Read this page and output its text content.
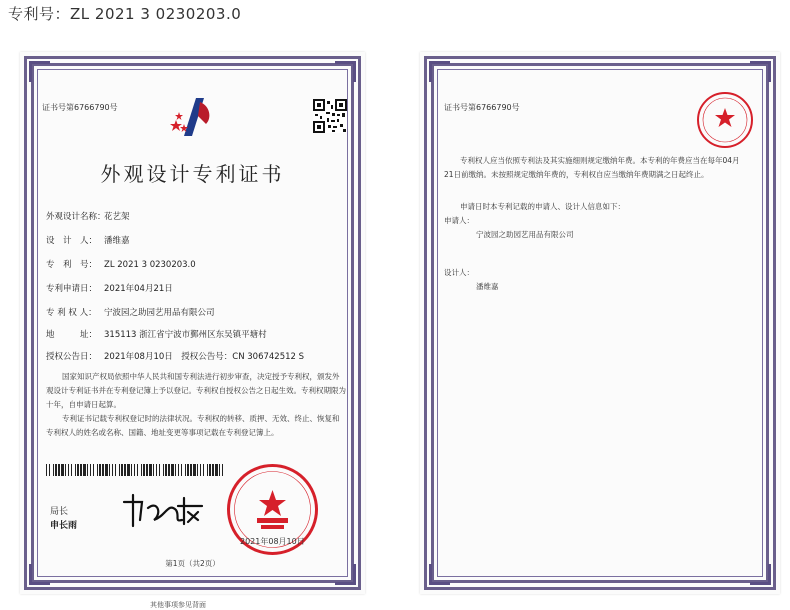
专利号：ZL 2021 3 0230203.0
证书号第6766790号
外观设计专利证书
外观设计名称：花艺架
设　计　人： 潘维嘉
专　利　号： ZL 2021 3 0230203.0
专利申请日： 2021年04月21日
专 利 权 人： 宁波园之助园艺用品有限公司
地　　　址： 315113 浙江省宁波市鄞州区东吴镇平塘村
授权公告日： 2021年08月10日　授权公告号：CN 306742512 S
国家知识产权局依照中华人民共和国专利法进行初步审查，决定授予专利权，颁发外观设计专利证书并在专利登记簿上予以登记。专利权自授权公告之日起生效。专利权期限为十年，自申请日起算。
专利证书记载专利权登记时的法律状况。专利权的转移、质押、无效、终止、恢复和专利权人的姓名或名称、国籍、地址变更等事项记载在专利登记簿上。
局长
申长雨
2021年08月10日
第1页（共2页）
其他事项参见背面
证书号第6766790号
专利权人应当依照专利法及其实施细则规定缴纳年费。本专利的年费应当在每年04月21日前缴纳。未按照规定缴纳年费的，专利权自应当缴纳年费期满之日起终止。
申请日时本专利记载的申请人、设计人信息如下：
申请人：
宁波园之助园艺用品有限公司
设计人：
潘维嘉
